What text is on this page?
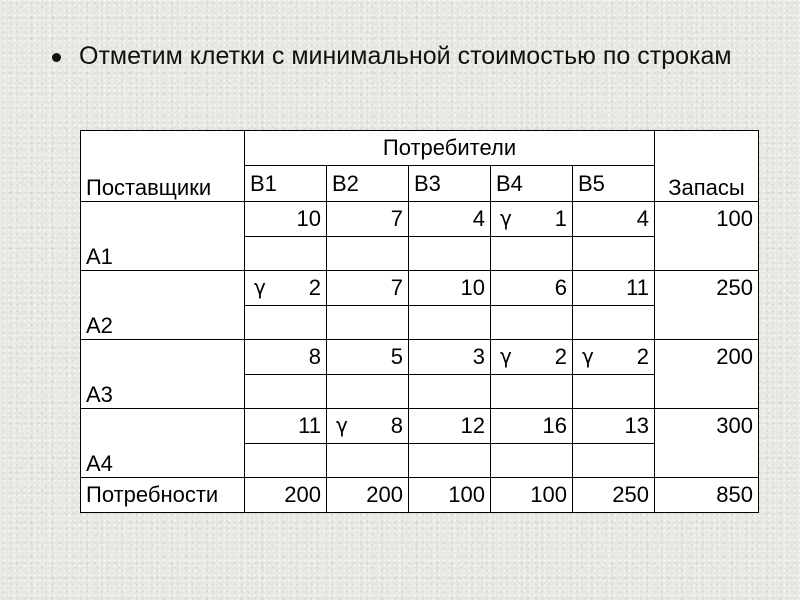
Отметим клетки с минимальной стоимостью по строкам

Поставщики	Потребители					Запасы
	B1	B2	B3	B4	B5	
A1	10	7	4	γ 1	4	100

A2	γ 2	7	10	6	11	250

A3	8	5	3	γ 2	γ 2	200

A4	11	γ 8	12	16	13	300

Потребности	200	200	100	100	250	850
